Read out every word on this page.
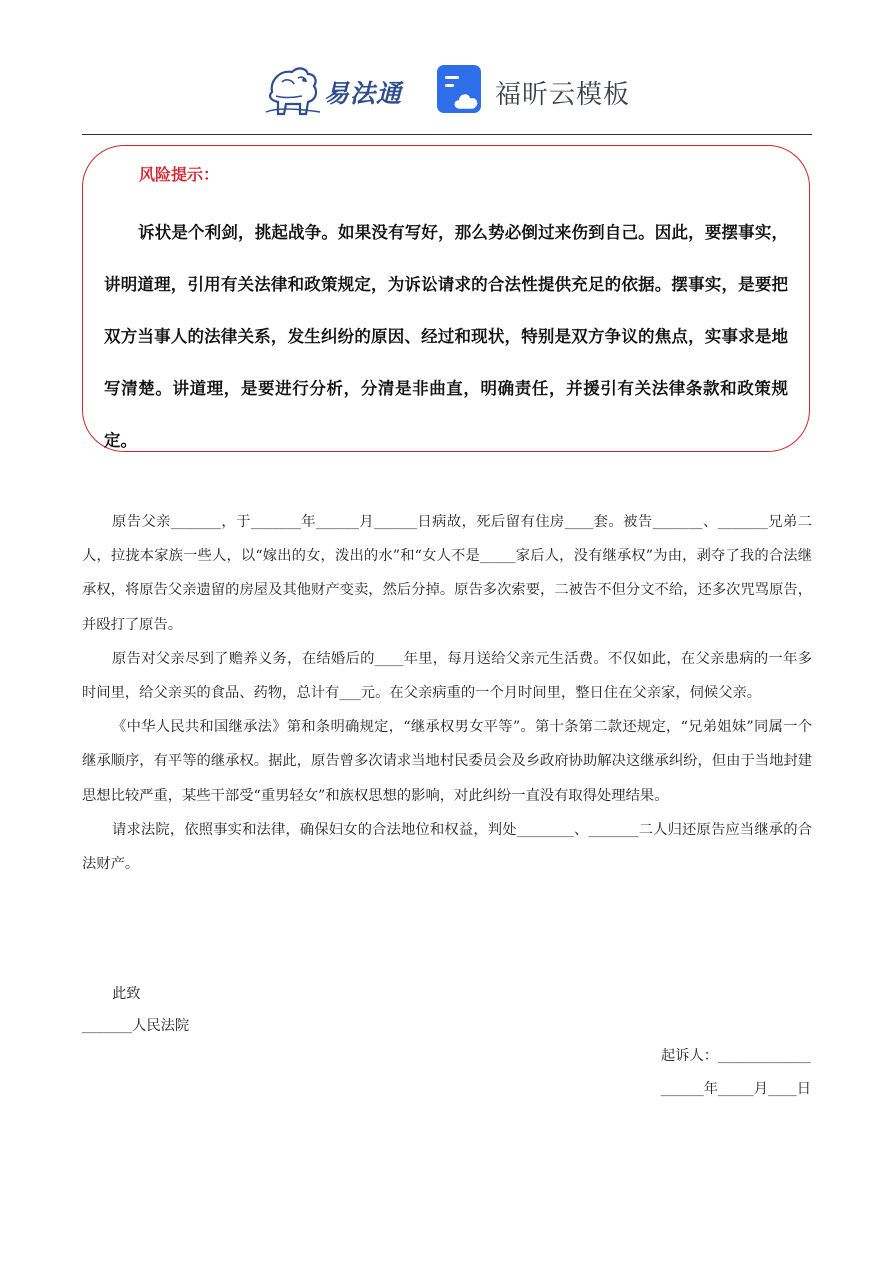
易法通	福昕云模板
风险提示：
诉状是个利剑，挑起战争。如果没有写好，那么势必倒过来伤到自己。因此，要摆事实，讲明道理，引用有关法律和政策规定，为诉讼请求的合法性提供充足的依据。摆事实，是要把双方当事人的法律关系，发生纠纷的原因、经过和现状，特别是双方争议的焦点，实事求是地写清楚。讲道理，是要进行分析，分清是非曲直，明确责任，并援引有关法律条款和政策规定。

原告父亲_______，于_______年______月______日病故，死后留有住房____套。被告_______、_______兄弟二人，拉拢本家族一些人，以“嫁出的女，泼出的水”和“女人不是_____家后人，没有继承权”为由，剥夺了我的合法继承权，将原告父亲遗留的房屋及其他财产变卖，然后分掉。原告多次索要，二被告不但分文不给，还多次咒骂原告，并殴打了原告。

原告对父亲尽到了赡养义务，在结婚后的____年里，每月送给父亲元生活费。不仅如此，在父亲患病的一年多时间里，给父亲买的食品、药物，总计有___元。在父亲病重的一个月时间里，整日住在父亲家，伺候父亲。

《中华人民共和国继承法》第和条明确规定，“继承权男女平等”。第十条第二款还规定，“兄弟姐妹”同属一个继承顺序，有平等的继承权。据此，原告曾多次请求当地村民委员会及乡政府协助解决这继承纠纷，但由于当地封建思想比较严重，某些干部受“重男轻女”和族权思想的影响，对此纠纷一直没有取得处理结果。

请求法院，依照事实和法律，确保妇女的合法地位和权益，判处________、_______二人归还原告应当继承的合法财产。

此致
_______人民法院
起诉人：_____________
______年_____月____日
